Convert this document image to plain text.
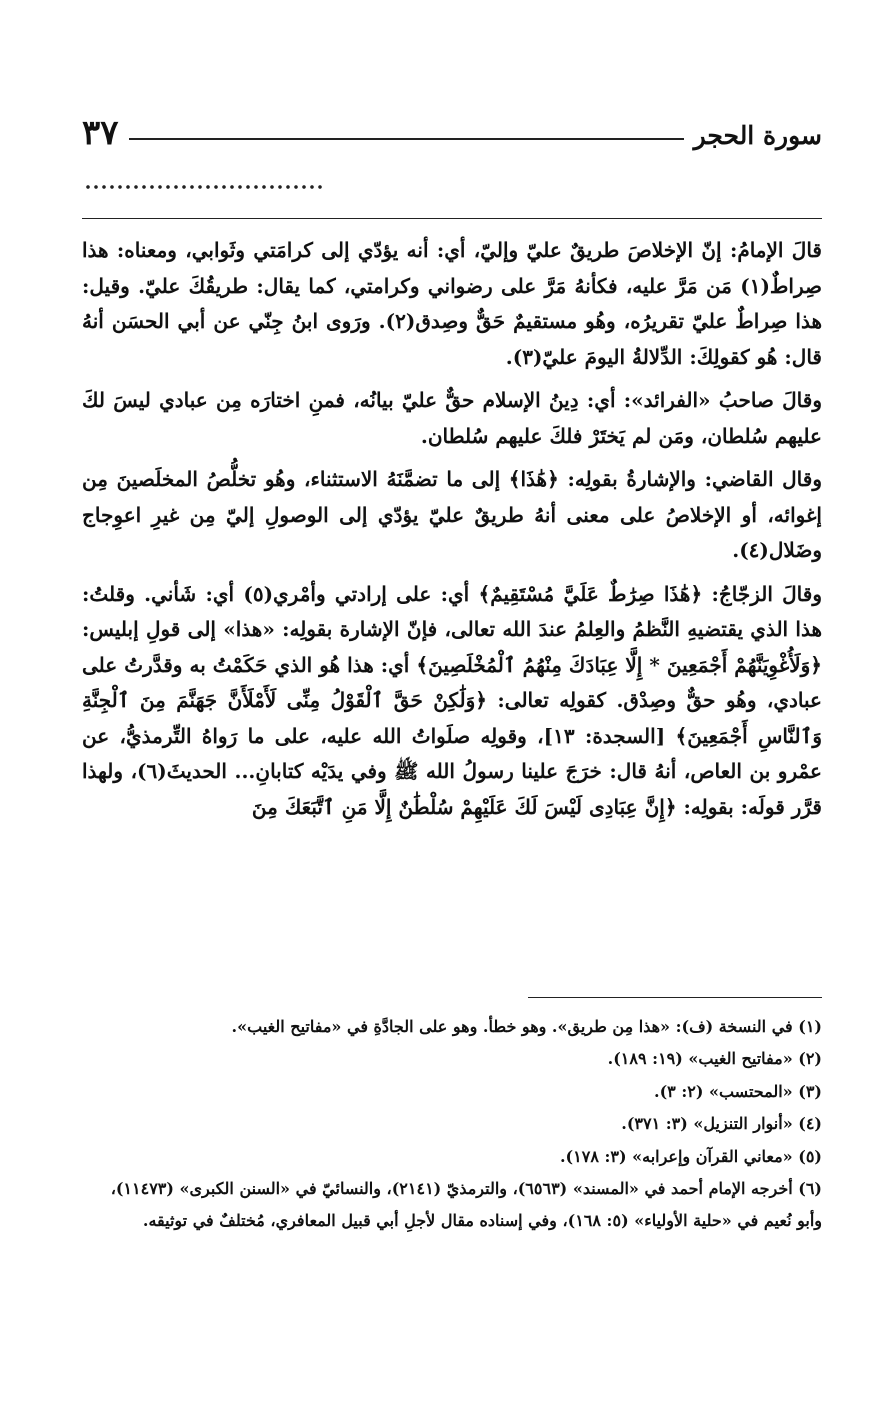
سورة الحجر
٣٧

قالَ الإمامُ: إنّ الإخلاصَ طريقٌ عليّ وإليّ، أي: أنه يؤدّي إلى كرامَتي وثَوابي، ومعناه: هذا صِراطٌ(١) مَن مَرَّ عليه، فكأنهُ مَرَّ على رضواني وكرامتي، كما يقال: طريقُكَ عليّ. وقيل: هذا صِراطٌ عليّ تقريرُه، وهُو مستقيمٌ حَقٌّ وصِدق(٢). ورَوى ابنُ جِنّي عن أبي الحسَن أنهُ قال: هُو كقولِكَ: الدِّلالةُ اليومَ عليّ(٣).

وقالَ صاحبُ «الفرائد»: أي: دِينُ الإسلام حقٌّ عليّ بيانُه، فمنِ اختارَه مِن عبادي ليسَ لكَ عليهم سُلطان، ومَن لم يَختَرْ فلكَ عليهم سُلطان.

وقال القاضي: والإشارةُ بقولِه: ﴿هَٰذَا﴾ إلى ما تضمَّنَهُ الاستثناء، وهُو تخلُّصُ المخلَصينَ مِن إغوائه، أو الإخلاصُ على معنى أنهُ طريقٌ عليّ يؤدّي إلى الوصولِ إليّ مِن غيرِ اعوِجاج وضَلال(٤).

وقالَ الزجّاجُ: ﴿هَٰذَا صِرَٰطٌ عَلَيَّ مُسْتَقِيمٌ﴾ أي: على إرادتي وأمْري(٥) أي: شَأني. وقلتُ: هذا الذي يقتضيهِ النَّظمُ والعِلمُ عندَ الله تعالى، فإنّ الإشارة بقولِه: «هذا» إلى قولِ إبليس: ﴿وَلَأُغْوِيَنَّهُمْ أَجْمَعِينَ * إِلَّا عِبَادَكَ مِنْهُمُ ٱلْمُخْلَصِينَ﴾ أي: هذا هُو الذي حَكَمْتُ به وقدَّرتُ على عبادي، وهُو حقٌّ وصِدْق. كقولِه تعالى: ﴿وَلَٰكِنْ حَقَّ ٱلْقَوْلُ مِنِّى لَأَمْلَأَنَّ جَهَنَّمَ مِنَ ٱلْجِنَّةِ وَٱلنَّاسِ أَجْمَعِينَ﴾ [السجدة: ١٣]، وقولِه صلَواتُ الله عليه، على ما رَواهُ التِّرمذيُّ، عن عمْرو بن العاص، أنهُ قال: خرَجَ علينا رسولُ الله ﷺ وفي يدَيْه كتابانِ... الحديثَ(٦)، ولهذا قرَّر قولَه: بقولِه: ﴿إِنَّ عِبَادِى لَيْسَ لَكَ عَلَيْهِمْ سُلْطَٰنٌ إِلَّا مَنِ ٱتَّبَعَكَ مِنَ

(١) في النسخة (ف): «هذا مِن طريق». وهو خطأ. وهو على الجادَّةِ في «مفاتيح الغيب».

(٢) «مفاتيح الغيب» (١٩: ١٨٩).

(٣) «المحتسب» (٢: ٣).

(٤) «أنوار التنزيل» (٣: ٣٧١).

(٥) «معاني القرآن وإعرابه» (٣: ١٧٨).

(٦) أخرجه الإمام أحمد في «المسند» (٦٥٦٣)، والترمذيّ (٢١٤١)، والنسائيّ في «السنن الكبرى» (١١٤٧٣)، وأبو نُعيم في «حلية الأولياء» (٥: ١٦٨)، وفي إسناده مقال لأجلِ أبي قبيل المعافري، مُختلفٌ في توثيقه.
